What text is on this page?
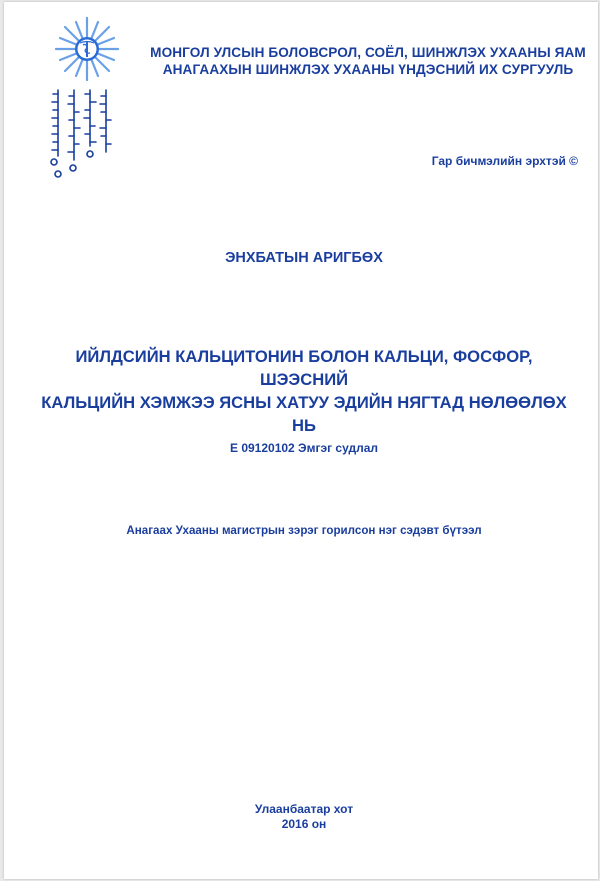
МОНГОЛ УЛСЫН БОЛОВСРОЛ, СОЁЛ, ШИНЖЛЭХ УХААНЫ ЯАМ
АНАГААХЫН ШИНЖЛЭХ УХААНЫ ҮНДЭСНИЙ ИХ СУРГУУЛЬ
Гар бичмэлийн эрхтэй ©
ЭНХБАТЫН АРИГБӨХ
ИЙЛДСИЙН КАЛЬЦИТОНИН БОЛОН КАЛЬЦИ, ФОСФОР, ШЭЭСНИЙ
КАЛЬЦИЙН ХЭМЖЭЭ ЯСНЫ ХАТУУ ЭДИЙН НЯГТАД НӨЛӨӨЛӨХ НЬ
Е 09120102 Эмгэг судлал
Анагаах Ухааны магистрын зэрэг горилсон нэг сэдэвт бүтээл
Улаанбаатар хот
2016 он
